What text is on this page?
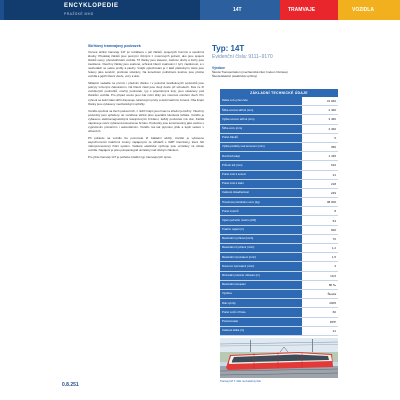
ENCYKLOPEDIE
PRAŽSKÉ MHD
14T	TRAMVAJE	VOZIDLA
Skříňový tramvajový podvozek

Vozové skříně tramvaje 14T jsi rozdělena v pět článků, spojených horními a spodními klouby. Předokaj článků jsou pevnými různými z motorových jednotí, ako jsou spojeni článků opory, přesvědčování vozidla. Tři články jsou stavené, zatímco druhý a čtvrtý jsou zavěšené. Všechny články jsou svařené, ochraně hlavní svařování z tyčí, zaplávnost, a v neshodách se velice profily a plechy. Vnější oplechování je z laků plastickými, které jsou řešeny jako sendvič, prolinuté struktury. Na konečném potřebném kostrou jsou plošné vozidla a jejich hlavní dveře, vozy a sklo.

Sklápěcí sedadla na prvním i předním článku i v polovině šestikolových podvozků jsou pokryty tvrzeným čalouněním. Na hlavní části jsou dvojí dveře při schodech. Dva ze tři vozidlových podvozků, otočný podvozek, typ s pojezdovými koly, jsou nasazeny pod článkům vozidla. Pro případ nouze jsou zde ruční kliky pro nouzové otevření dveří. Pro vyhnutí se kolizi také skříň disponuje nárazovými prvky a deformačními zónami. Oba krajní články jsou vybaveny mechanickými spřáhly.

Vozidlo spočívá na třech podvozcích, z nichž krajní jsou hnací a střední je běžný. Všechny podvozky jsou spřaženy do vozidlové skříně přes speciální kloubová ložiska. Vozidlo je vybaveno elektromagnetickými kolejnicovými brzdami, každý podvozek má dvě. Každá náprava je navíc vybavena kotoučovou brzdou. Podvozky jsou konstruovány jako otočné s vypružením primárním i sekundárním. Vozidlo má tak plynulou jízdu a lepší vedení v obloucích.

Při pohledu na vozidlo lze pozorovat tři základní oddíly. Vozidlo je vybaveno asynchronními trakčními motory napájenými ze střídačů s IGBT tranzistory, které řídí mikroprocesorový řídicí systém. Veškeré elektrické výzbroje jsou umístěny na střeše vozidla. Napájení je přes polopantograf umístěný nad druhým článkem.

Pro jízdu tramvají 14T je potřeba zvláštní typ tramvajových úprav.

Typ: 14T
Evidenční čísla: 9111–9170
Výrobce
Škoda Transportation (mechanická část: Inekon Ostrava)
Škoda Elektric (elektrická výzbroj)
ZÁKLADNÍ TECHNICKÉ ÚDAJE
Délka vozu přes čela	31 060
Šířka vozové skříně (mm)	2 460
Výška vozové skříně (mm)	3 460
Šířka vozu (mm)	2 460
Počet článků	5
Výška podlahy nad temenem (mm)	350
Rozchod kolejí	1 435
Průměr kol (mm)	610
Počet míst k sezení	31
Počet míst k stání	218
Celková obsaditelnost	249
Hmotnost prázdného vozu (kg)	38 000
Počet motorů	8
Výkon jednoho motoru (kW)	54
Trakční napětí (V)	600
Maximální rychlost (km/h)	70
Maximální zrychlení (m/s²)	1,2
Maximální zpomalení (m/s²)	1,5
Nouzové zpomalení (m/s²)	3
Minimální poloměr oblouku (m)	19,5
Maximální stoupání	80 ‰
Výrobce	Škoda
Rok výroby	2005
Počet vozů v Praze	60
Provozovatel	DPP
Celková délka (m)	31
Tramvaj 14T č. 9111 na zkušební jízdě
0.8.251
